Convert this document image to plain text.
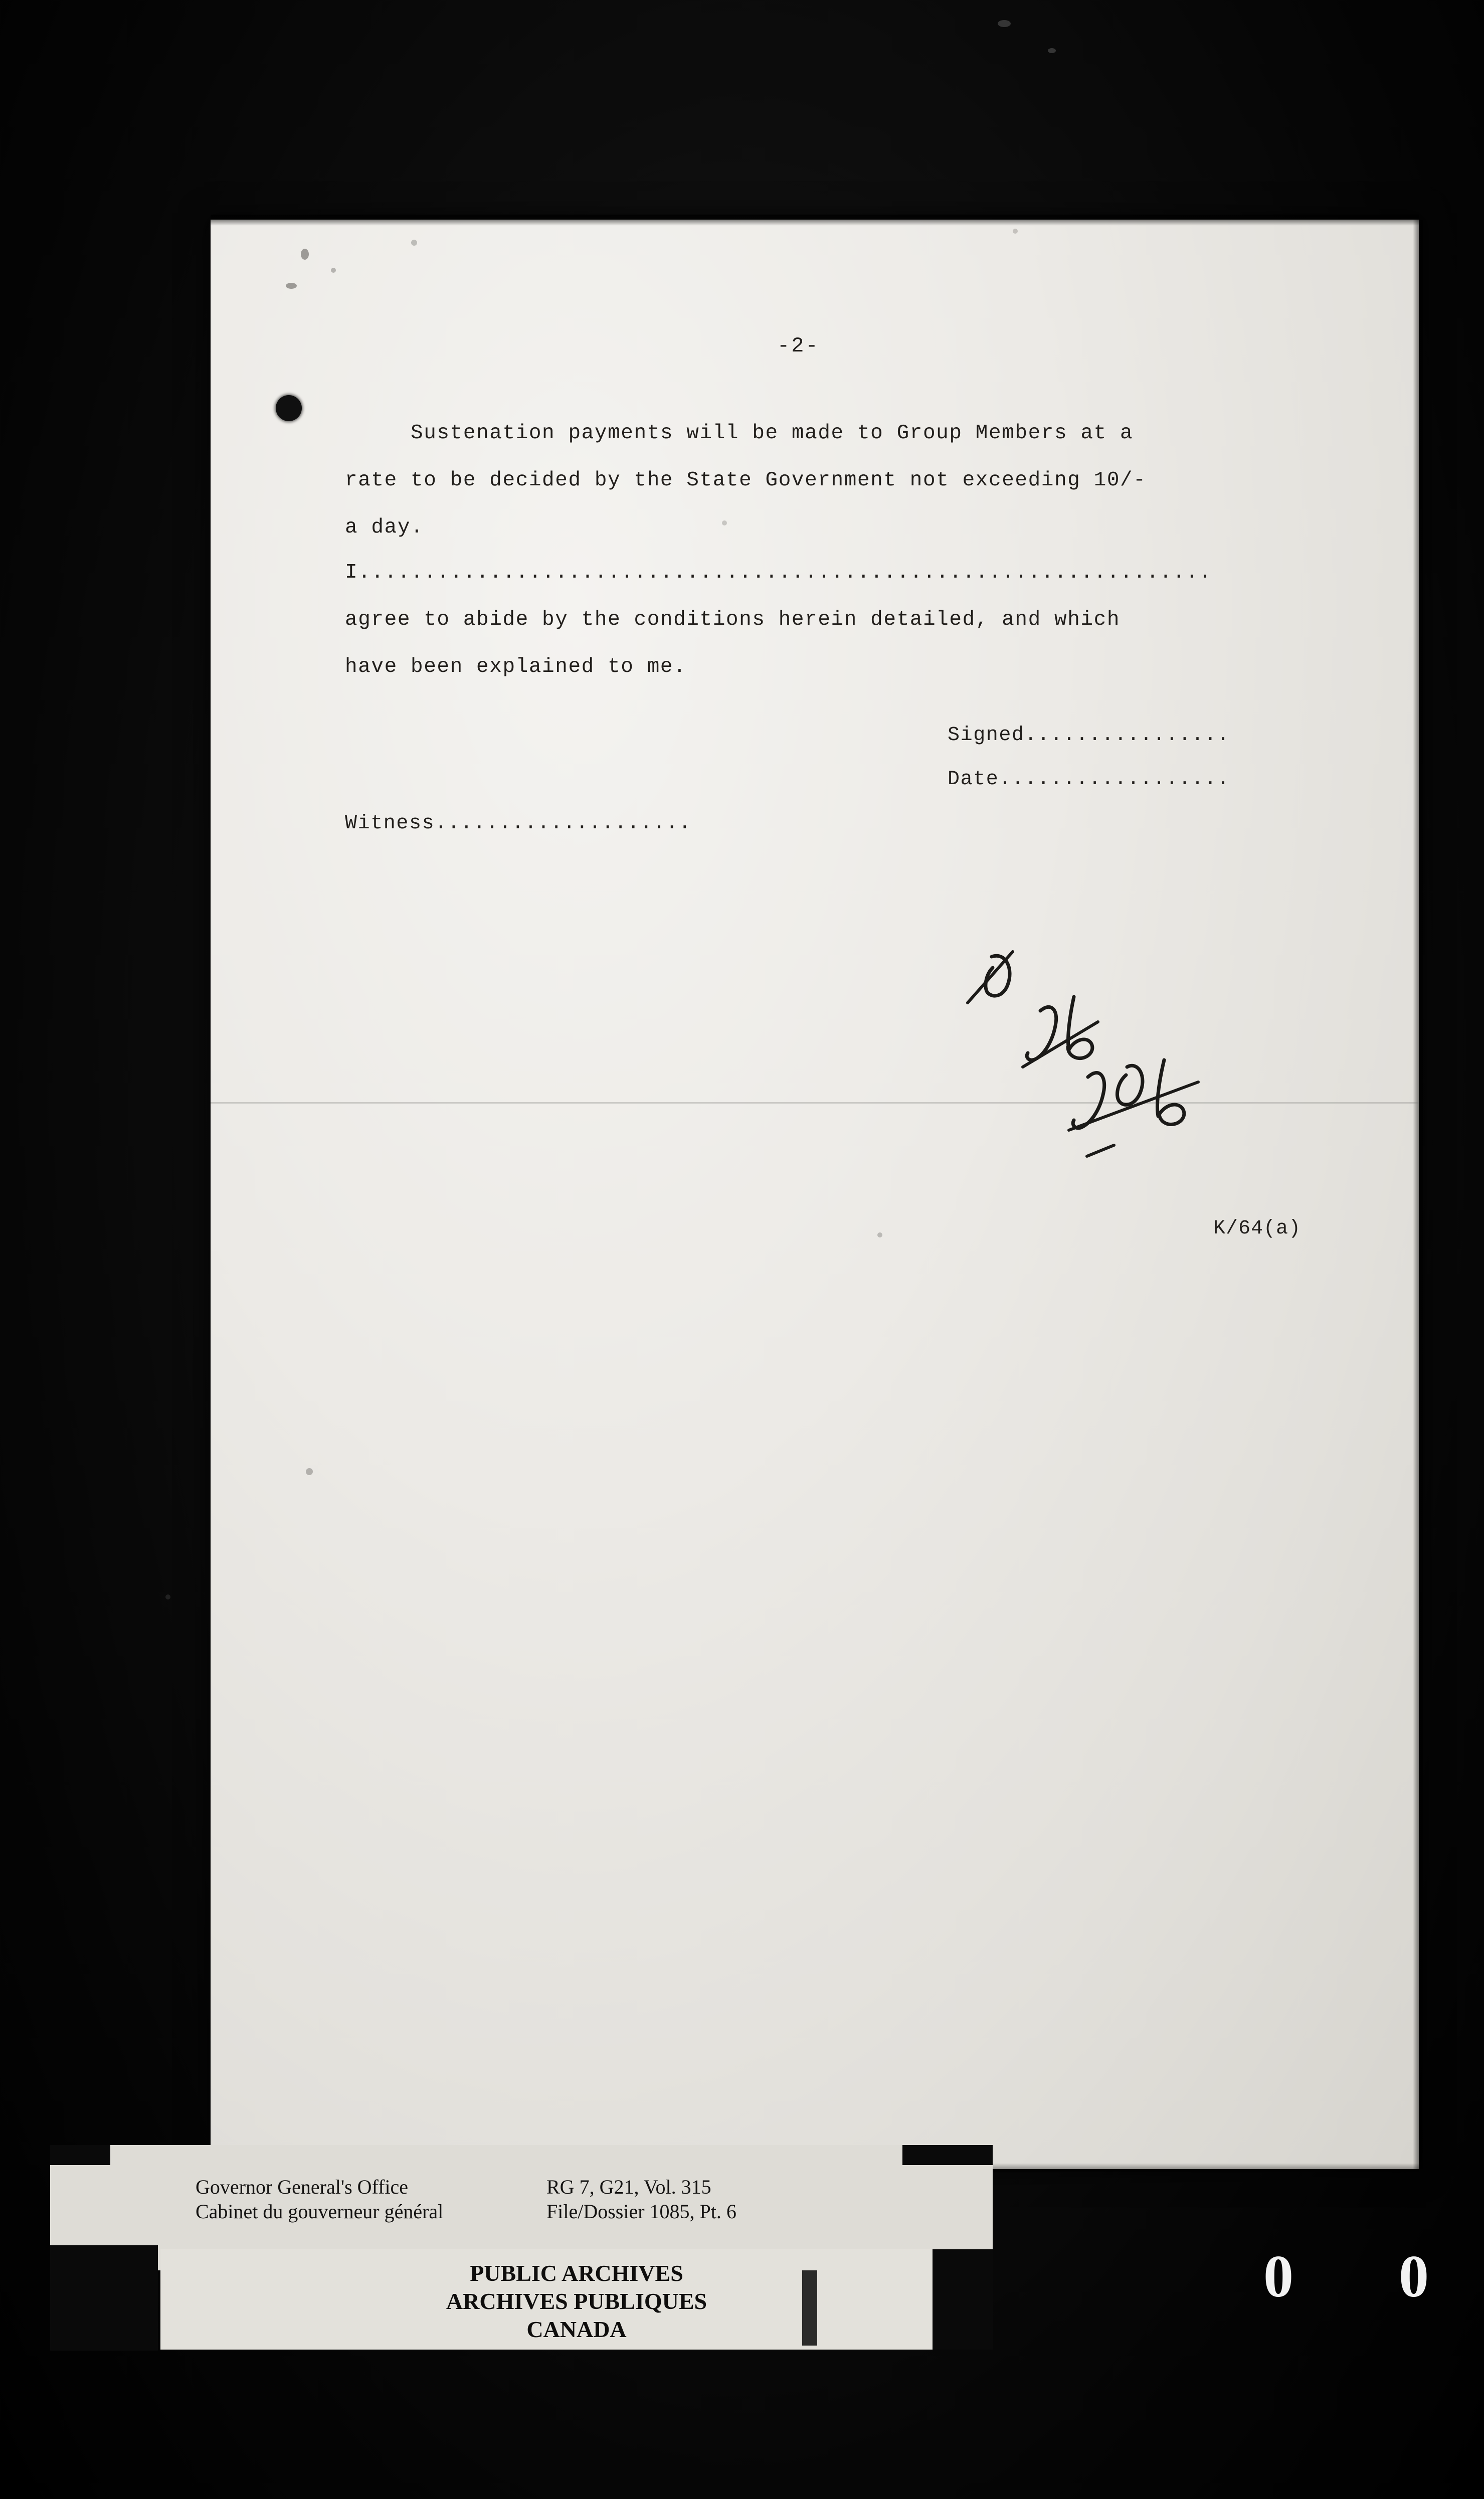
-2-
Sustenation payments will be made to Group Members at a
rate to be decided by the State Government not exceeding 10/-
a day.
I.................................................................
agree to abide by the conditions herein detailed, and which
have been explained to me.
Signed................
Date..................
Witness....................
K/64(a)
Governor General's Office	RG 7, G21, Vol. 315
Cabinet du gouverneur général	File/Dossier 1085, Pt. 6
PUBLIC ARCHIVES
ARCHIVES PUBLIQUES
CANADA
0 0
